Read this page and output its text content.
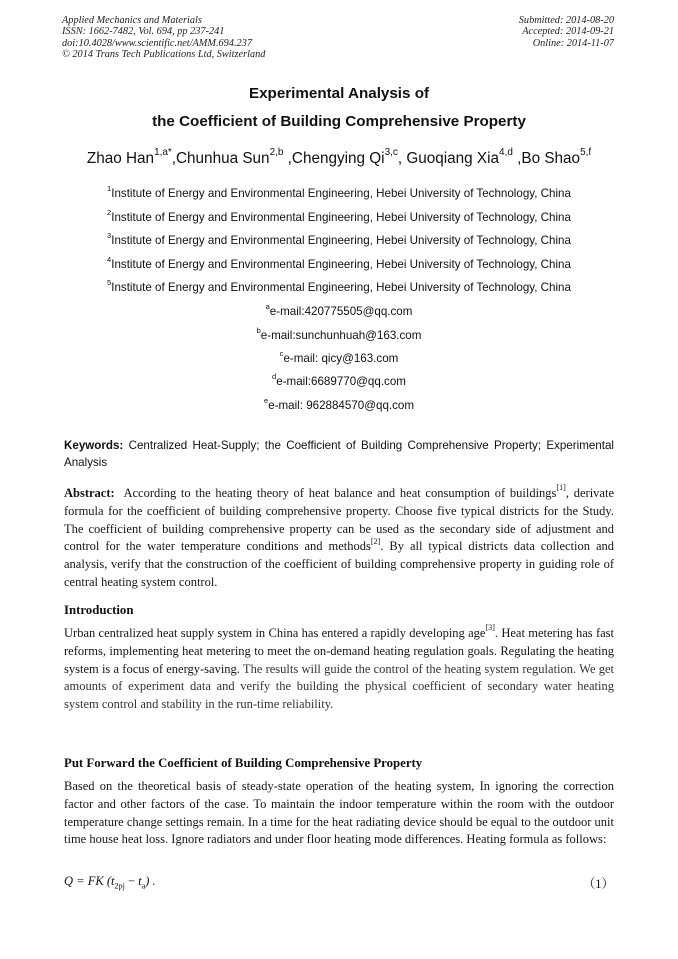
Applied Mechanics and Materials
ISSN: 1662-7482, Vol. 694, pp 237-241
doi:10.4028/www.scientific.net/AMM.694.237
© 2014 Trans Tech Publications Ltd, Switzerland
Submitted: 2014-08-20
Accepted: 2014-09-21
Online: 2014-11-07
Experimental Analysis of
the Coefficient of Building Comprehensive Property
Zhao Han$^{1,a*}$,Chunhua Sun$^{2,b}$ ,Chengying Qi$^{3,c}$, Guoqiang Xia$^{4,d}$ ,Bo Shao$^{5,f}$
$^1$Institute of Energy and Environmental Engineering, Hebei University of Technology, China
$^2$Institute of Energy and Environmental Engineering, Hebei University of Technology, China
$^3$Institute of Energy and Environmental Engineering, Hebei University of Technology, China
$^4$Institute of Energy and Environmental Engineering, Hebei University of Technology, China
$^5$Institute of Energy and Environmental Engineering, Hebei University of Technology, China
$^a$e-mail:420775505@qq.com
$^b$e-mail:sunchunhuah@163.com
$^c$e-mail: qicy@163.com
$^d$e-mail:6689770@qq.com
$^e$e-mail: 962884570@qq.com
Keywords: Centralized Heat-Supply; the Coefficient of Building Comprehensive Property; Experimental Analysis
Abstract: According to the heating theory of heat balance and heat consumption of buildings[1], derivate formula for the coefficient of building comprehensive property. Choose five typical districts for the Study. The coefficient of building comprehensive property can be used as the secondary side of adjustment and control for the water temperature conditions and methods[2]. By all typical districts data collection and analysis, verify that the construction of the coefficient of building comprehensive property in guiding role of central heating system control.
Introduction
Urban centralized heat supply system in China has entered a rapidly developing age[3]. Heat metering has fast reforms, implementing heat metering to meet the on-demand heating regulation goals. Regulating the heating system is a focus of energy-saving. The results will guide the control of the heating system regulation. We get amounts of experiment data and verify the building the physical coefficient of secondary water heating system control and stability in the run-time reliability.
Put Forward the Coefficient of Building Comprehensive Property
Based on the theoretical basis of steady-state operation of the heating system, In ignoring the correction factor and other factors of the case. To maintain the indoor temperature within the room with the outdoor temperature change settings remain. In a time for the heat radiating device should be equal to the outdoor unit time house heat loss. Ignore radiators and under floor heating mode differences. Heating formula as follows:
Q = FK $(t_{2pj} - t_a)$ .	（1）
